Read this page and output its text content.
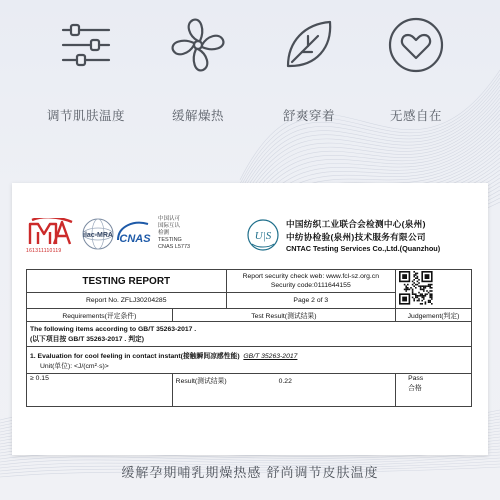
调节肌肤温度	缓解燥热	舒爽穿着	无感自在
161311110119
ilac-MRA CNAS
中国认可
国际互认
检测
TESTING
CNAS L5773
U|S
中国纺织工业联合会检测中心(泉州)
中纺协检验(泉州)技术服务有限公司
CNTAC Testing Services Co.,Ltd.(Quanzhou)
TESTING REPORT		Report security check web: www.fcl-sz.org.cn
Security code:0111644155

Report No. ZFLJ30204285		Page 2 of 3		
Requirements(评定条件)	Test Result(测试结果)			Judgement(判定)

The following items according to GB/T 35263-2017 .
(以下项目按 GB/T 35263-2017 . 判定)				

1. Evaluation for cool feeling in contact instant(接触瞬间凉感性能) GB/T 35263-2017
Unit(单位): <J/(cm²·s)>				

≥ 0.15	Result(测试结果) 0.22			Pass
合格
缓解孕期哺乳期燥热感 舒尚调节皮肤温度
